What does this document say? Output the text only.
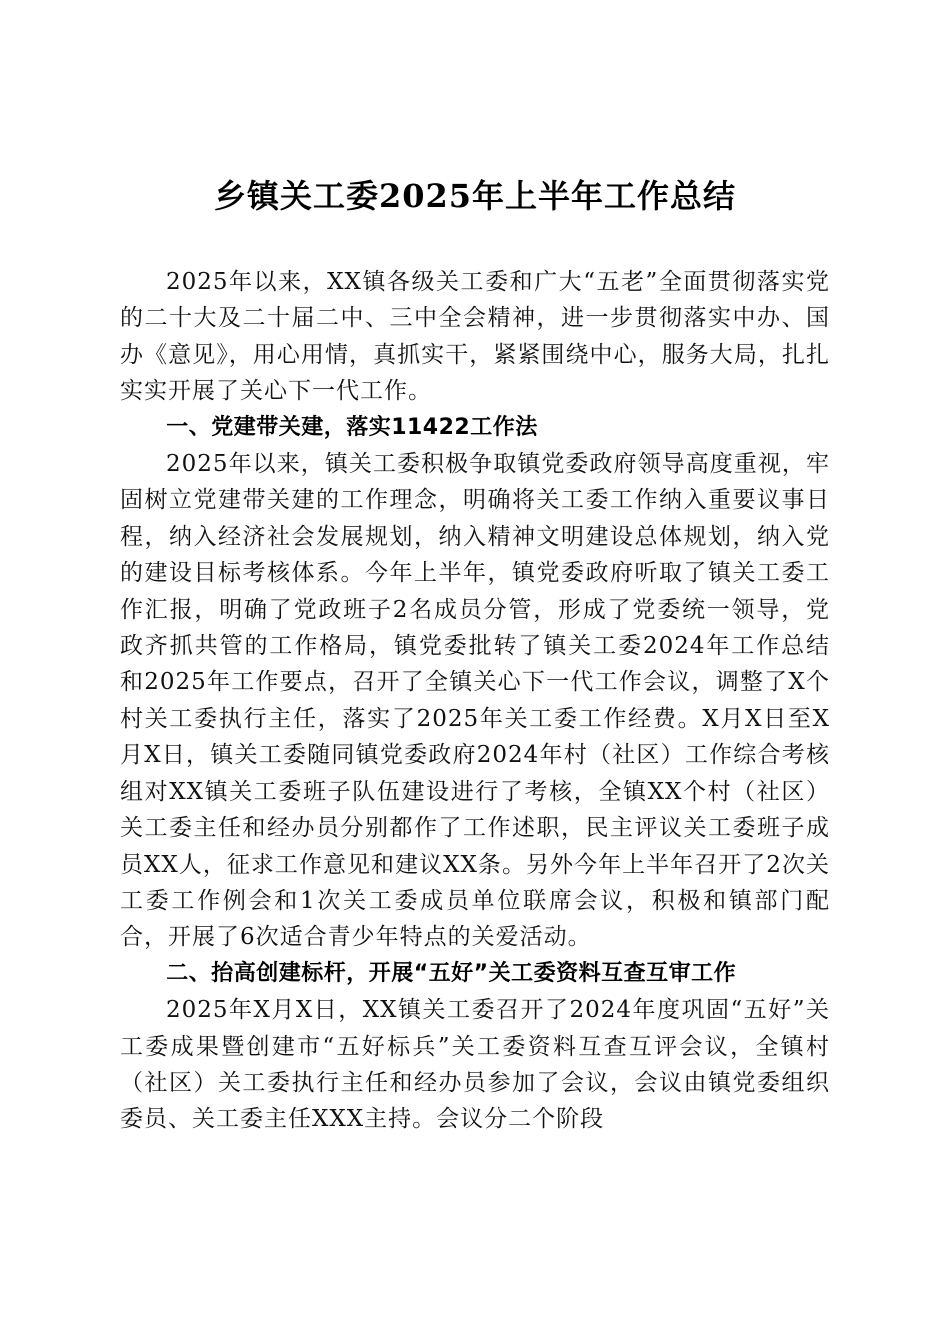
乡镇关工委2025年上半年工作总结

2025年以来，XX镇各级关工委和广大“五老”全面贯彻落实党的二十大及二十届二中、三中全会精神，进一步贯彻落实中办、国办《意见》，用心用情，真抓实干，紧紧围绕中心，服务大局，扎扎实实开展了关心下一代工作。

一、党建带关建，落实11422工作法

2025年以来，镇关工委积极争取镇党委政府领导高度重视，牢固树立党建带关建的工作理念，明确将关工委工作纳入重要议事日程，纳入经济社会发展规划，纳入精神文明建设总体规划，纳入党的建设目标考核体系。今年上半年，镇党委政府听取了镇关工委工作汇报，明确了党政班子2名成员分管，形成了党委统一领导，党政齐抓共管的工作格局，镇党委批转了镇关工委2024年工作总结和2025年工作要点，召开了全镇关心下一代工作会议，调整了X个村关工委执行主任，落实了2025年关工委工作经费。X月X日至X月X日，镇关工委随同镇党委政府2024年村（社区）工作综合考核组对XX镇关工委班子队伍建设进行了考核，全镇XX个村（社区）关工委主任和经办员分别都作了工作述职，民主评议关工委班子成员XX人，征求工作意见和建议XX条。另外今年上半年召开了2次关工委工作例会和1次关工委成员单位联席会议，积极和镇部门配合，开展了6次适合青少年特点的关爱活动。

二、抬高创建标杆，开展“五好”关工委资料互查互审工作

2025年X月X日，XX镇关工委召开了2024年度巩固“五好”关工委成果暨创建市“五好标兵”关工委资料互查互评会议，全镇村（社区）关工委执行主任和经办员参加了会议，会议由镇党委组织委员、关工委主任XXX主持。会议分二个阶段
